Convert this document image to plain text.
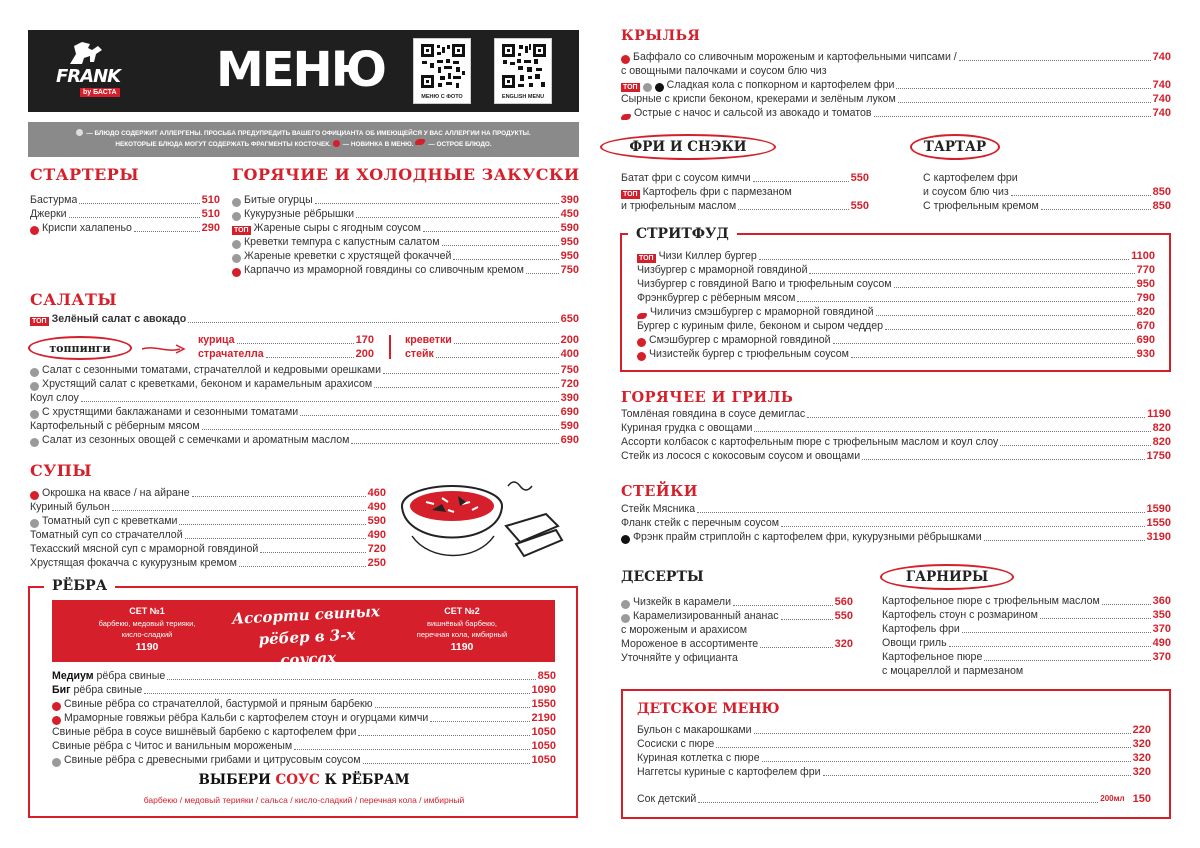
FRANK
by БАСТА МЕНЮ	МЕНЮ С ФОТО	ENGLISH MENU
— БЛЮДО СОДЕРЖИТ АЛЛЕРГЕНЫ. ПРОСЬБА ПРЕДУПРЕДИТЬ ВАШЕГО ОФИЦИАНТА ОБ ИМЕЮЩЕЙСЯ У ВАС АЛЛЕРГИИ НА ПРОДУКТЫ.
НЕКОТОРЫЕ БЛЮДА МОГУТ СОДЕРЖАТЬ ФРАГМЕНТЫ КОСТОЧЕК. — НОВИНКА В МЕНЮ. — ОСТРОЕ БЛЮДО.
СТАРТЕРЫ
Бастурма	510
Джерки	510
Криспи халапеньо	290
ГОРЯЧИЕ И ХОЛОДНЫЕ ЗАКУСКИ
Битые огурцы	390
Кукурузные рёбрышки	450
ТОП Жареные сыры с ягодным соусом	590
Креветки темпура с капустным салатом	950
Жареные креветки с хрустящей фокаччей	950
Карпаччо из мраморной говядины со сливочным кремом	750
САЛАТЫ
ТОП Зелёный салат с авокадо	650
топпинги
курица	170
страчателла	200
креветки	200
стейк	400
Салат с сезонными томатами, страчателлой и кедровыми орешками	750
Хрустящий салат с креветками, беконом и карамельным арахисом	720
Коул слоу	390
С хрустящими баклажанами и сезонными томатами	690
Картофельный с рёберным мясом	590
Салат из сезонных овощей с семечками и ароматным маслом	690
СУПЫ
Окрошка на квасе / на айране	460
Куриный бульон	490
Томатный суп с креветками	590
Томатный суп со страчателлой	490
Техасский мясной суп с мраморной говядиной	720
Хрустящая фокачча с кукурузным кремом	250
РЁБРА
СЕТ №1
барбекю, медовый терияки,
кисло-сладкий
1190
Ассорти свиных
рёбер в 3-х соусах
СЕТ №2
вишнёвый барбекю,
перечная кола, имбирный
1190
Медиум рёбра свиные	850
Биг рёбра свиные	1090
Свиные рёбра со страчателлой, бастурмой и пряным барбекю	1550
Мраморные говяжьи рёбра Кальби с картофелем стоун и огурцами кимчи	2190
Свиные рёбра в соусе вишнёвый барбекю с картофелем фри	1050
Свиные рёбра с Читос и ванильным мороженым	1050
Свиные рёбра с древесными грибами и цитрусовым соусом	1050
ВЫБЕРИ СОУС К РЁБРАМ
барбекю / медовый терияки / сальса / кисло-сладкий / перечная кола / имбирный
КРЫЛЬЯ
Баффало со сливочным мороженым и картофельными чипсами /	740
с овощными палочками и соусом блю чиз
ТОП	Сладкая кола с попкорном и картофелем фри	740
Сырные с криспи беконом, крекерами и зелёным луком	740
Острые с начос и сальсой из авокадо и томатов	740
ФРИ И СНЭКИ
Батат фри с соусом кимчи	550
ТОП Картофель фри с пармезаном
и трюфельным маслом	550
ТАРТАР
С картофелем фри
и соусом блю чиз	850
С трюфельным кремом	850
СТРИТФУД
ТОП Чизи Киллер бургер	1100
Чизбургер с мраморной говядиной	770
Чизбургер с говядиной Вагю и трюфельным соусом	950
Фрэнкбургер с рёберным мясом	790
Чиличиз смэшбургер с мраморной говядиной	820
Бургер с куриным филе, беконом и сыром чеддер	670
Смэшбургер с мраморной говядиной	690
Чизистейк бургер с трюфельным соусом	930
ГОРЯЧЕЕ И ГРИЛЬ
Томлёная говядина в соусе демиглас	1190
Куриная грудка с овощами	820
Ассорти колбасок с картофельным пюре с трюфельным маслом и коул слоу	820
Стейк из лосося с кокосовым соусом и овощами	1750
СТЕЙКИ
Стейк Мясника	1590
Фланк стейк с перечным соусом	1550
Фрэнк прайм стриплойн с картофелем фри, кукурузными рёбрышками	3190
ДЕСЕРТЫ
Чизкейк в карамели	560
Карамелизированный ананас	550
с мороженым и арахисом
Мороженое в ассортименте	320
Уточняйте у официанта
ГАРНИРЫ
Картофельное пюре с трюфельным маслом	360
Картофель стоун с розмарином	350
Картофель фри	370
Овощи гриль	490
Картофельное пюре	370
с моцареллой и пармезаном
ДЕТСКОЕ МЕНЮ
Бульон с макарошками	220
Сосиски с пюре	320
Куриная котлетка с пюре	320
Наггетсы куриные с картофелем фри	320
Сок детский	200мл 150
